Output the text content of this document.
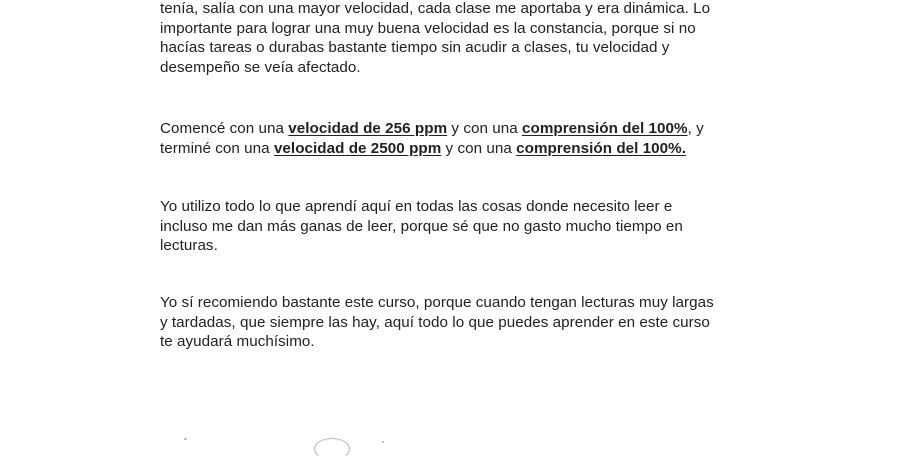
tenía, salía con una mayor velocidad, cada clase me aportaba y era dinámica. Lo
importante para lograr una muy buena velocidad es la constancia, porque si no
hacías tareas o durabas bastante tiempo sin acudir a clases, tu velocidad y
desempeño se veía afectado.

Comencé con una velocidad de 256 ppm y con una comprensión del 100%, y
terminé con una velocidad de 2500 ppm y con una comprensión del 100%.

Yo utilizo todo lo que aprendí aquí en todas las cosas donde necesito leer e
incluso me dan más ganas de leer, porque sé que no gasto mucho tiempo en
lecturas.

Yo sí recomiendo bastante este curso, porque cuando tengan lecturas muy largas
y tardadas, que siempre las hay, aquí todo lo que puedes aprender en este curso
te ayudará muchísimo.
